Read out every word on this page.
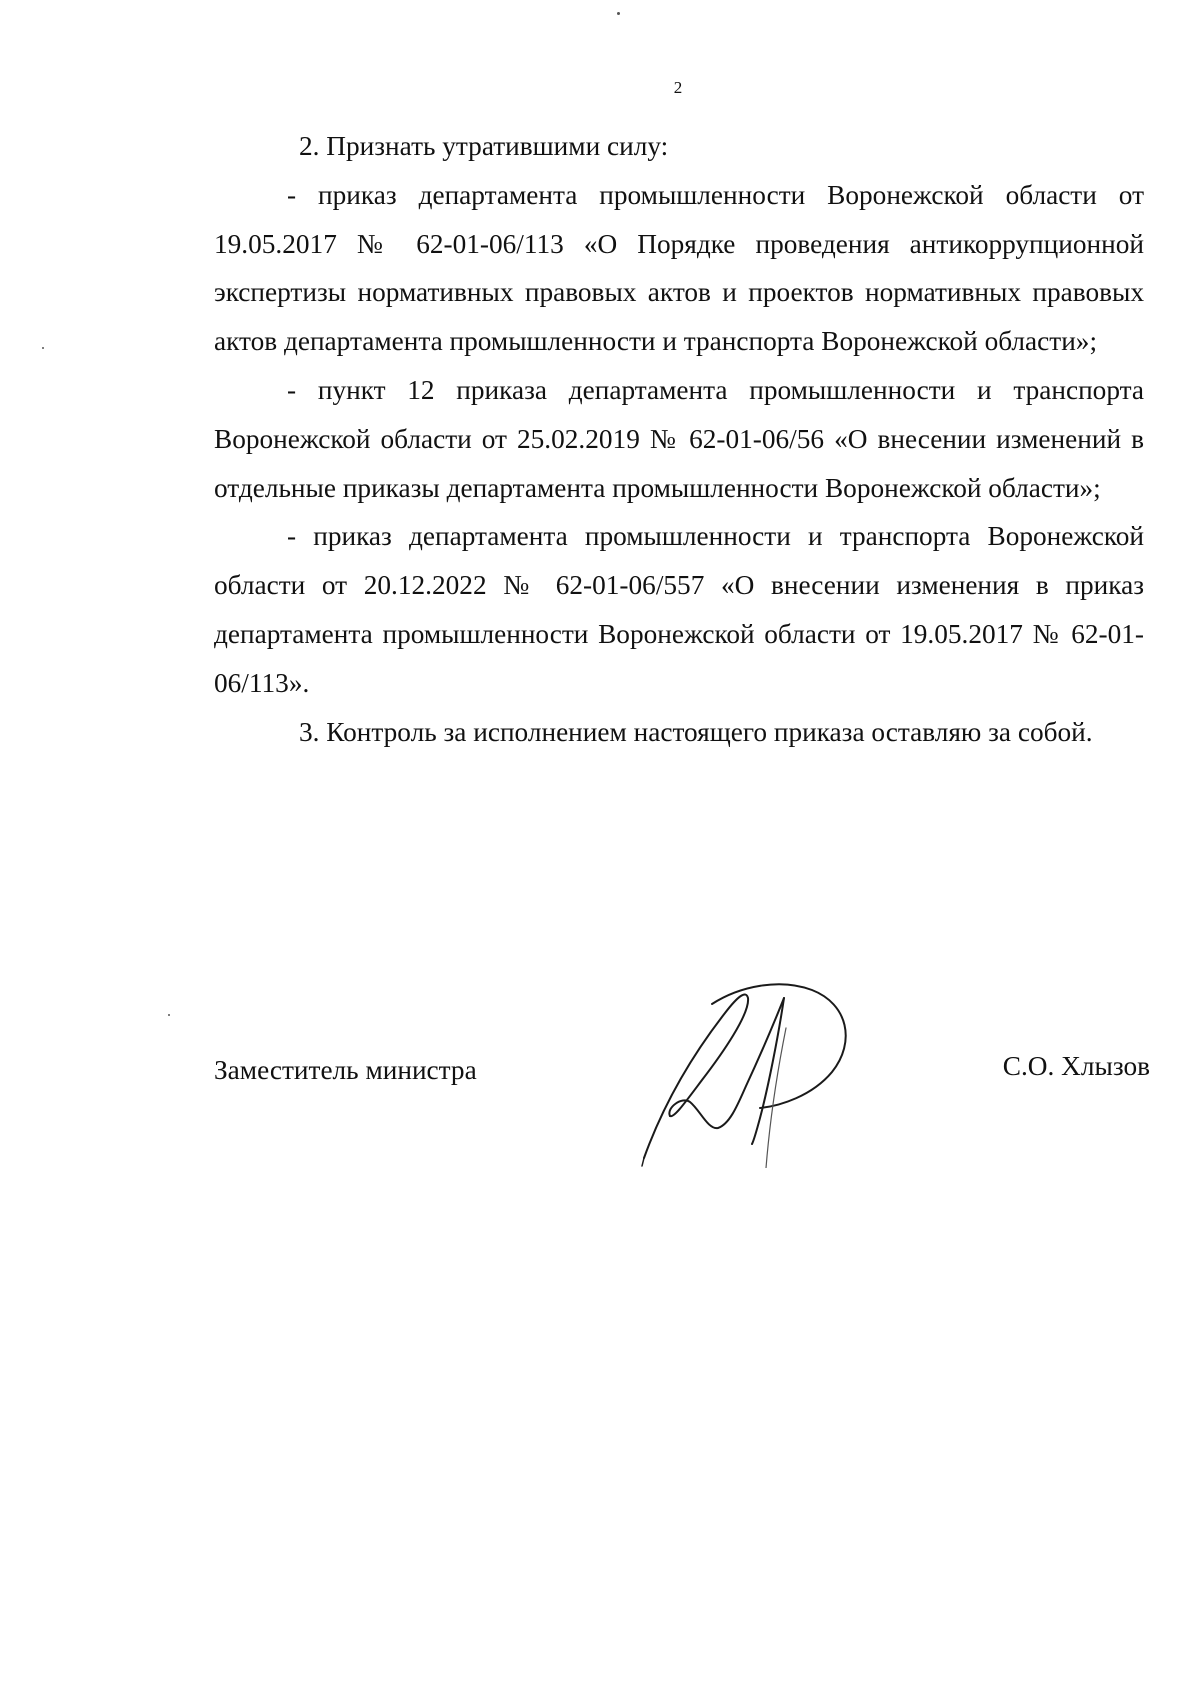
2

2. Признать утратившими силу:

- приказ департамента промышленности Воронежской области от 19.05.2017 № 62-01-06/113 «О Порядке проведения антикоррупционной экспертизы нормативных правовых актов и проектов нормативных правовых актов департамента промышленности и транспорта Воронежской области»;

- пункт 12 приказа департамента промышленности и транспорта Воронежской области от 25.02.2019 № 62-01-06/56 «О внесении изменений в отдельные приказы департамента промышленности Воронежской области»;

- приказ департамента промышленности и транспорта Воронежской области от 20.12.2022 № 62-01-06/557 «О внесении изменения в приказ департамента промышленности Воронежской области от 19.05.2017 № 62-01-06/113».

3. Контроль за исполнением настоящего приказа оставляю за собой.

Заместитель министра	С.О. Хлызов
